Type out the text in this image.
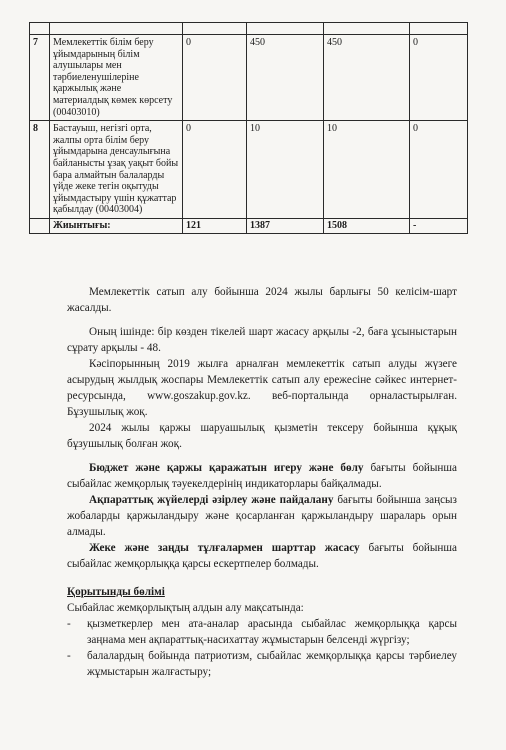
7	Мемлекеттік білім беру ұйымдарының білім алушылары мен тәрбиеленушілеріне қаржылық және материалдық көмек көрсету (00403010)	0	450	450	0
8	Бастауыш, негізгі орта, жалпы орта білім беру ұйымдарына денсаулығына байланысты ұзақ уақыт бойы бара алмайтын балаларды үйде жеке тегін оқытуды ұйымдастыру үшін құжаттар қабылдау (00403004)	0	10	10	0
	Жиынтығы:	121	1387	1508	-

Мемлекеттік сатып алу бойынша 2024 жылы барлығы 50 келісім-шарт жасалды.

Оның ішінде: бір көзден тікелей шарт жасасу арқылы -2, баға ұсыныстарын сұрату арқылы - 48.

Кәсіпорынның 2019 жылға арналған мемлекеттік сатып алуды жүзеге асырудың жылдық жоспары Мемлекеттік сатып алу ережесіне сәйкес интернет-ресурсында, www.goszakup.gov.kz. веб-порталында орналастырылған. Бұзушылық жоқ.

2024 жылы қаржы шаруашылық қызметін тексеру бойынша құқық бұзушылық болған жоқ.

Бюджет және қаржы қаражатын игеру және бөлу бағыты бойынша сыбайлас жемқорлық тәуекелдерінің индикаторлары байқалмады.

Ақпараттық жүйелерді әзірлеу және пайдалану бағыты бойынша заңсыз жобаларды қаржыландыру және қосарланған қаржыландыру шараларь орын алмады.

Жеке және заңды тұлғалармен шарттар жасасу бағыты бойынша сыбайлас жемқорлыққа қарсы ескертпелер болмады.

Қорытынды бөлімі

Сыбайлас жемқорлықтың алдын алу мақсатында:

- қызметкерлер мен ата-аналар арасында сыбайлас жемқорлыққа қарсы заңнама мен ақпараттық-насихаттау жұмыстарын белсенді жүргізу;
- балалардың бойында патриотизм, сыбайлас жемқорлыққа қарсы тәрбиелеу жұмыстарын жалғастыру;
